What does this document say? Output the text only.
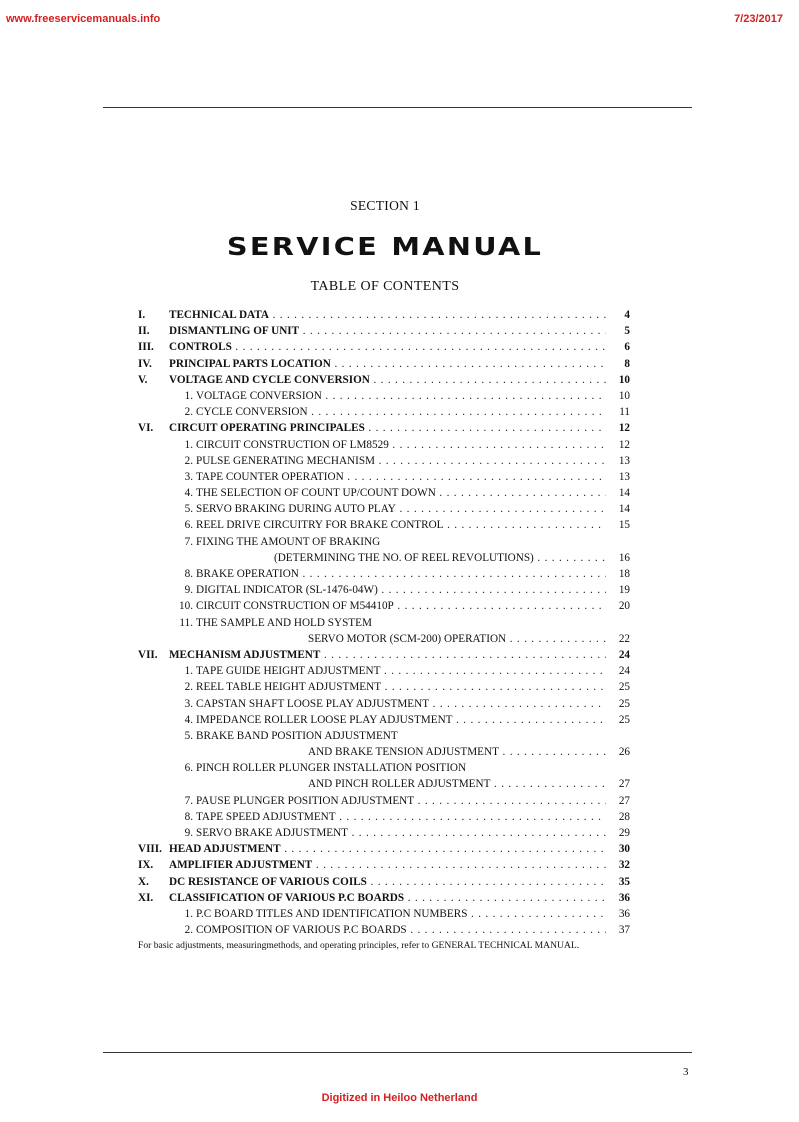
www.freeservicemanuals.info	7/23/2017
SECTION 1
SERVICE MANUAL
TABLE OF CONTENTS
I.	TECHNICAL DATA . . .	4
II.	DISMANTLING OF UNIT . . .	5
III.	CONTROLS . . .	6
IV.	PRINCIPAL PARTS LOCATION . . .	8
V.	VOLTAGE AND CYCLE CONVERSION . . .	10
1. VOLTAGE CONVERSION . . .	10
2. CYCLE CONVERSION . . .	11
VI.	CIRCUIT OPERATING PRINCIPALES . . .	12
1. CIRCUIT CONSTRUCTION OF LM8529 . . .	12
2. PULSE GENERATING MECHANISM . . .	13
3. TAPE COUNTER OPERATION . . .	13
4. THE SELECTION OF COUNT UP/COUNT DOWN . . .	14
5. SERVO BRAKING DURING AUTO PLAY . . .	14
6. REEL DRIVE CIRCUITRY FOR BRAKE CONTROL . . .	15
7. FIXING THE AMOUNT OF BRAKING
(DETERMINING THE NO. OF REEL REVOLUTIONS) . . .	16
8. BRAKE OPERATION . . .	18
9. DIGITAL INDICATOR (SL-1476-04W) . . .	19
10. CIRCUIT CONSTRUCTION OF M54410P . . .	20
11. THE SAMPLE AND HOLD SYSTEM
SERVO MOTOR (SCM-200) OPERATION . . .	22
VII.	MECHANISM ADJUSTMENT . . .	24
1. TAPE GUIDE HEIGHT ADJUSTMENT . . .	24
2. REEL TABLE HEIGHT ADJUSTMENT . . .	25
3. CAPSTAN SHAFT LOOSE PLAY ADJUSTMENT . . .	25
4. IMPEDANCE ROLLER LOOSE PLAY ADJUSTMENT . . .	25
5. BRAKE BAND POSITION ADJUSTMENT
AND BRAKE TENSION ADJUSTMENT . . .	26
6. PINCH ROLLER PLUNGER INSTALLATION POSITION
AND PINCH ROLLER ADJUSTMENT . . .	27
7. PAUSE PLUNGER POSITION ADJUSTMENT . . .	27
8. TAPE SPEED ADJUSTMENT . . .	28
9. SERVO BRAKE ADJUSTMENT . . .	29
VIII. HEAD ADJUSTMENT . . .	30
IX.	AMPLIFIER ADJUSTMENT . . .	32
X.	DC RESISTANCE OF VARIOUS COILS . . .	35
XI.	CLASSIFICATION OF VARIOUS P.C BOARDS . . .	36
1. P.C BOARD TITLES AND IDENTIFICATION NUMBERS . . .	36
2. COMPOSITION OF VARIOUS P.C BOARDS . . .	37
For basic adjustments, measuringmethods, and operating principles, refer to GENERAL TECHNICAL MANUAL.
3
Digitized in Heiloo Netherland
